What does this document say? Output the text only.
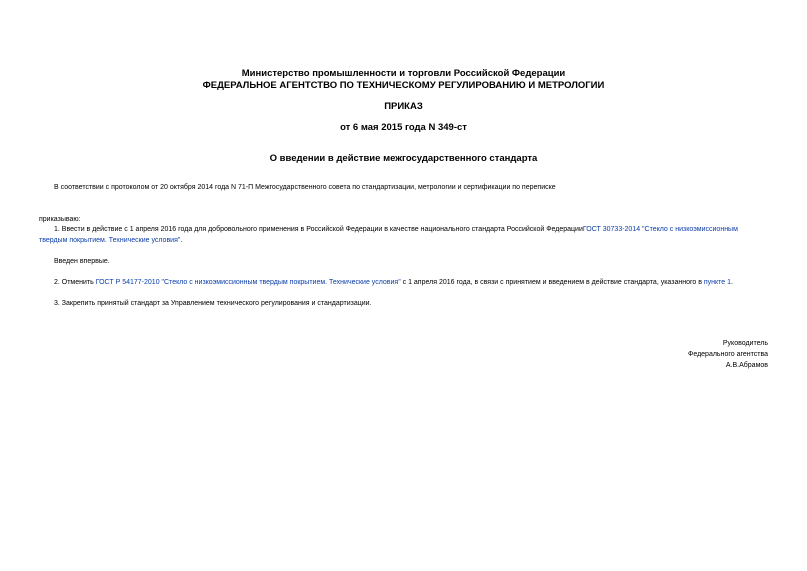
Министерство промышленности и торговли Российской Федерации
ФЕДЕРАЛЬНОЕ АГЕНТСТВО ПО ТЕХНИЧЕСКОМУ РЕГУЛИРОВАНИЮ И МЕТРОЛОГИИ
ПРИКАЗ
от 6 мая 2015 года N 349-ст
О введении в действие межгосударственного стандарта
В соответствии с протоколом от 20 октября 2014 года N 71-П Межгосударственного совета по стандартизации, метрологии и сертификации по переписке
приказываю:
1. Ввести в действие с 1 апреля 2016 года для добровольного применения в Российской Федерации в качестве национального стандарта Российской ФедерацииГОСТ 30733-2014 "Стекло с низкоэмиссионным
твердым покрытием. Технические условия".
Введен впервые.
2. Отменить ГОСТ Р 54177-2010 "Стекло с низкоэмиссионным твердым покрытием. Технические условия" с 1 апреля 2016 года, в связи с принятием и введением в действие стандарта, указанного в пункте 1.
3. Закрепить принятый стандарт за Управлением технического регулирования и стандартизации.
Руководитель
Федерального агентства
А.В.Абрамов
